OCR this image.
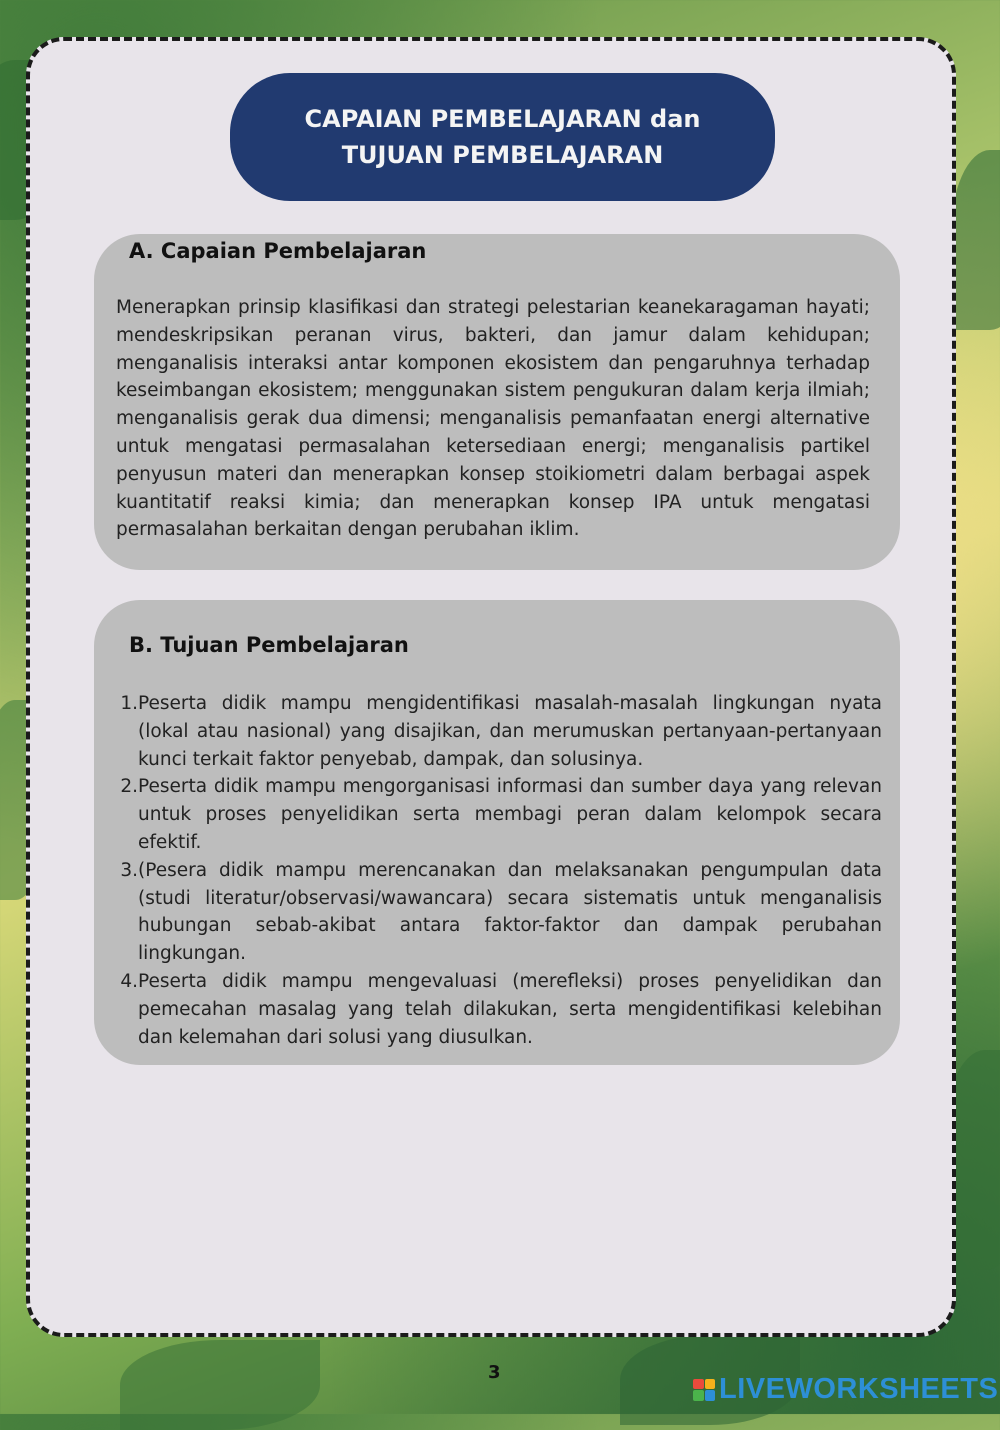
CAPAIAN PEMBELAJARAN dan
TUJUAN PEMBELAJARAN
A. Capaian Pembelajaran

Menerapkan prinsip klasifikasi dan strategi pelestarian keanekaragaman hayati; mendeskripsikan peranan virus, bakteri, dan jamur dalam kehidupan; menganalisis interaksi antar komponen ekosistem dan pengaruhnya terhadap keseimbangan ekosistem; menggunakan sistem pengukuran dalam kerja ilmiah; menganalisis gerak dua dimensi; menganalisis pemanfaatan energi alternative untuk mengatasi permasalahan ketersediaan energi; menganalisis partikel penyusun materi dan menerapkan konsep stoikiometri dalam berbagai aspek kuantitatif reaksi kimia; dan menerapkan konsep IPA untuk mengatasi permasalahan berkaitan dengan perubahan iklim.

B. Tujuan Pembelajaran
1. Peserta didik mampu mengidentifikasi masalah-masalah lingkungan nyata (lokal atau nasional) yang disajikan, dan merumuskan pertanyaan-pertanyaan kunci terkait faktor penyebab, dampak, dan solusinya.
2. Peserta didik mampu mengorganisasi informasi dan sumber daya yang relevan untuk proses penyelidikan serta membagi peran dalam kelompok secara efektif.
3. (Pesera didik mampu merencanakan dan melaksanakan pengumpulan data (studi literatur/observasi/wawancara) secara sistematis untuk menganalisis hubungan sebab-akibat antara faktor-faktor dan dampak perubahan lingkungan.
4. Peserta didik mampu mengevaluasi (merefleksi) proses penyelidikan dan pemecahan masalag yang telah dilakukan, serta mengidentifikasi kelebihan dan kelemahan dari solusi yang diusulkan.
3
LIVEWORKSHEETS
